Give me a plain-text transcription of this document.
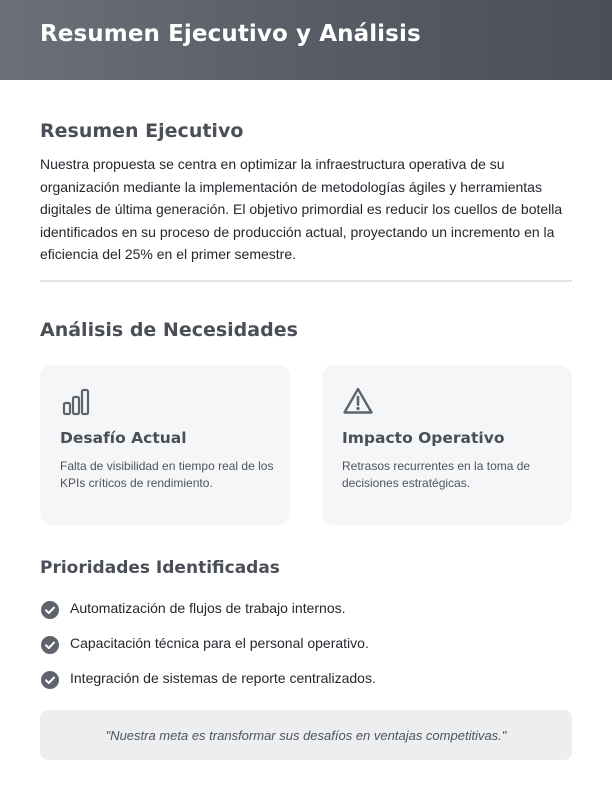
Resumen Ejecutivo y Análisis
Resumen Ejecutivo

Nuestra propuesta se centra en optimizar la infraestructura operativa de su organización mediante la implementación de metodologías ágiles y herramientas digitales de última generación. El objetivo primordial es reducir los cuellos de botella identificados en su proceso de producción actual, proyectando un incremento en la eficiencia del 25% en el primer semestre.

Análisis de Necesidades
Desafío Actual
Falta de visibilidad en tiempo real de los KPIs críticos de rendimiento.
Impacto Operativo
Retrasos recurrentes en la toma de decisiones estratégicas.
Prioridades Identificadas
Automatización de flujos de trabajo internos.
Capacitación técnica para el personal operativo.
Integración de sistemas de reporte centralizados.
"Nuestra meta es transformar sus desafíos en ventajas competitivas."
